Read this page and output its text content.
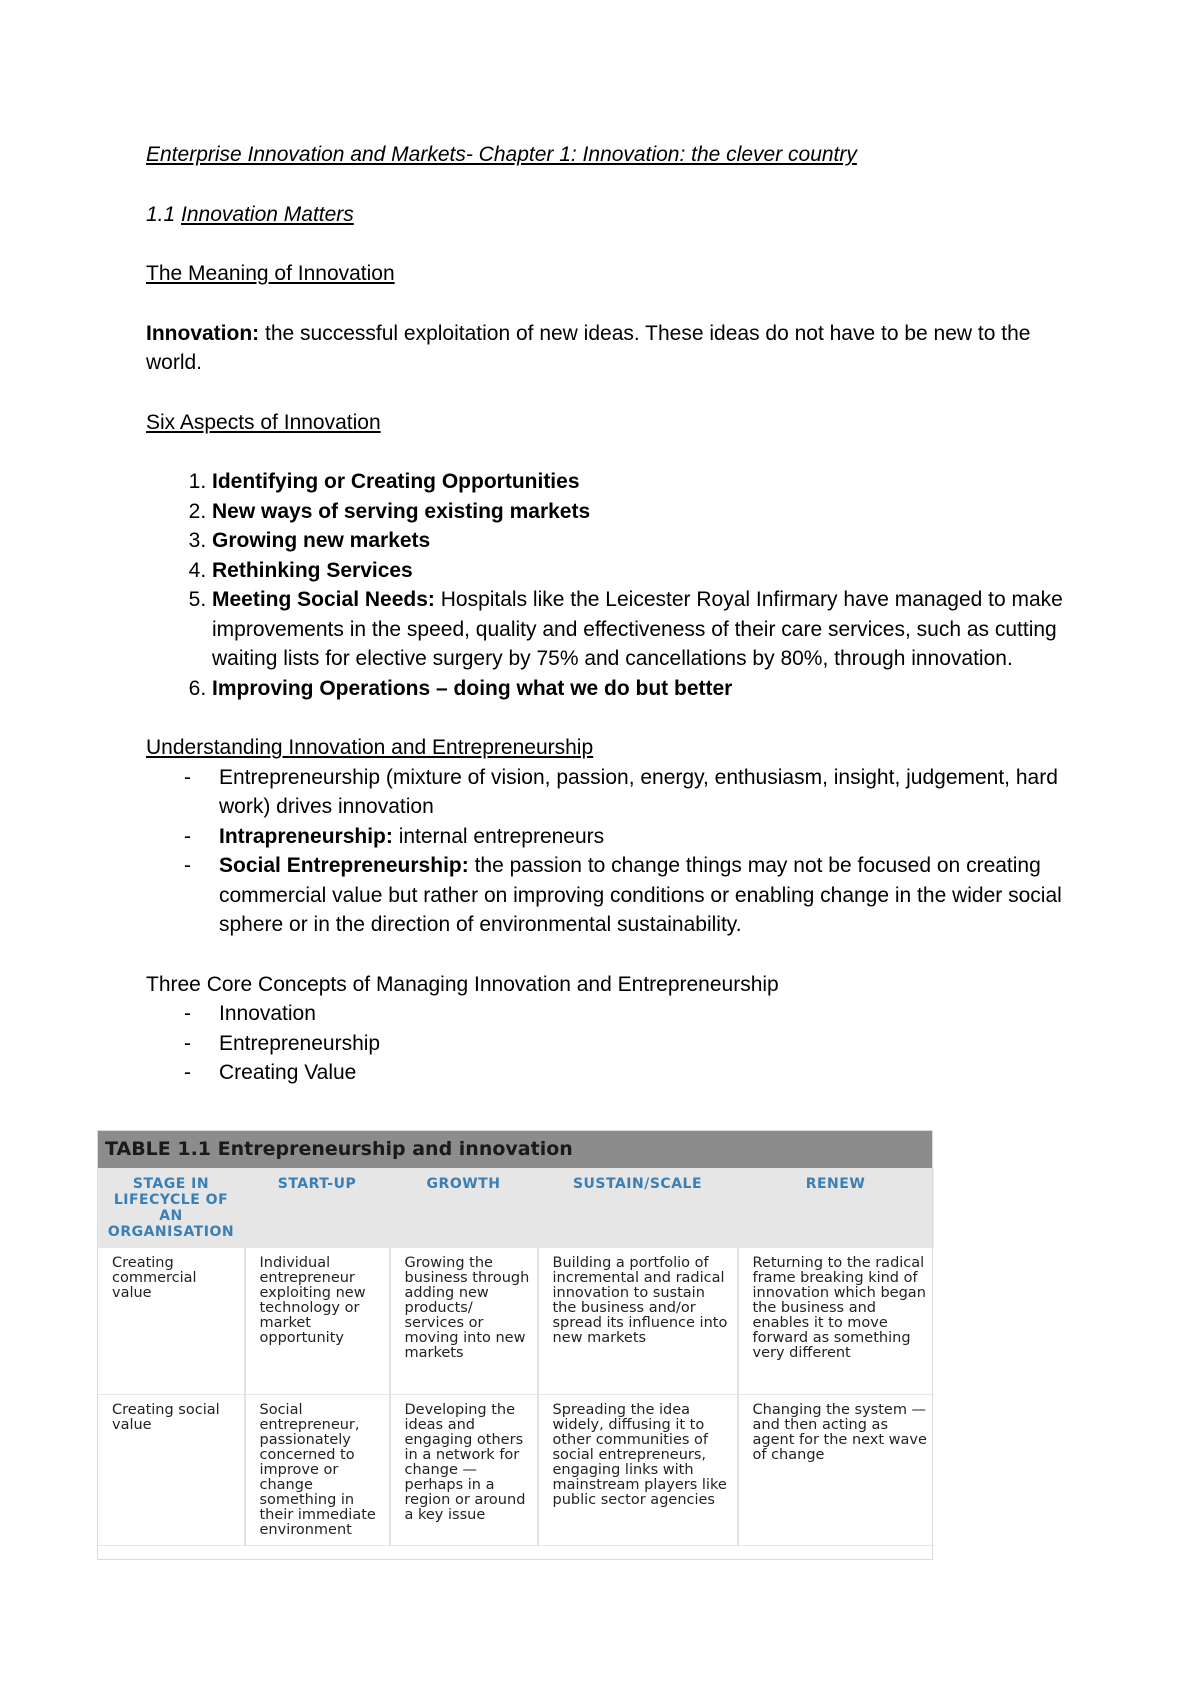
Enterprise Innovation and Markets- Chapter 1: Innovation: the clever country
1.1 Innovation Matters
The Meaning of Innovation
Innovation: the successful exploitation of new ideas. These ideas do not have to be new to the world.
Six Aspects of Innovation
1. Identifying or Creating Opportunities
2. New ways of serving existing markets
3. Growing new markets
4. Rethinking Services
5. Meeting Social Needs: Hospitals like the Leicester Royal Infirmary have managed to make improvements in the speed, quality and effectiveness of their care services, such as cutting waiting lists for elective surgery by 75% and cancellations by 80%, through innovation.
6. Improving Operations – doing what we do but better
Understanding Innovation and Entrepreneurship
- Entrepreneurship (mixture of vision, passion, energy, enthusiasm, insight, judgement, hard work) drives innovation
- Intrapreneurship: internal entrepreneurs
- Social Entrepreneurship: the passion to change things may not be focused on creating commercial value but rather on improving conditions or enabling change in the wider social sphere or in the direction of environmental sustainability.
Three Core Concepts of Managing Innovation and Entrepreneurship
- Innovation
- Entrepreneurship
- Creating Value
TABLE 1.1 Entrepreneurship and innovation
STAGE IN LIFECYCLE OF AN ORGANISATION	START-UP	GROWTH	SUSTAIN/SCALE	RENEW
Creating commercial value	Individual entrepreneur exploiting new technology or market opportunity	Growing the business through adding new products/ services or moving into new markets	Building a portfolio of incremental and radical innovation to sustain the business and/or spread its influence into new markets	Returning to the radical frame breaking kind of innovation which began the business and enables it to move forward as something very different
Creating social value	Social entrepreneur, passionately concerned to improve or change something in their immediate environment	Developing the ideas and engaging others in a network for change — perhaps in a region or around a key issue	Spreading the idea widely, diffusing it to other communities of social entrepreneurs, engaging links with mainstream players like public sector agencies	Changing the system — and then acting as agent for the next wave of change
